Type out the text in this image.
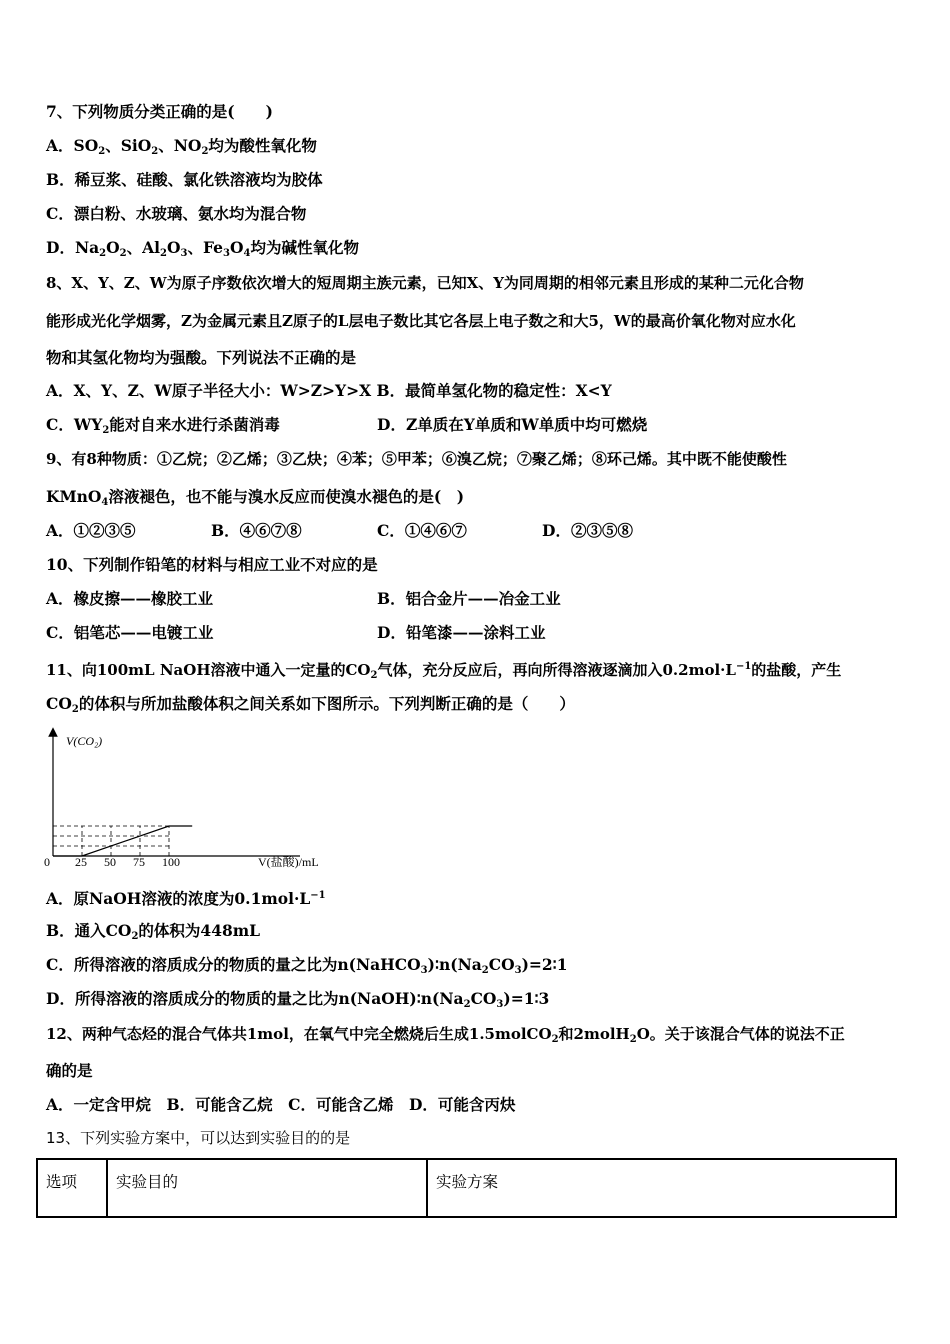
7、下列物质分类正确的是(　　)
A．$SO_2$、SiO$_2$、$NO_2$均为酸性氧化物
B．稀豆浆、硅酸、氯化铁溶液均为胶体
C．漂白粉、水玻璃、氨水均为混合物
D．$Na_2O_2$、$Al_2O_3$、$Fe_3O_4$均为碱性氧化物
8、X、Y、Z、W为原子序数依次增大的短周期主族元素，已知X、Y为同周期的相邻元素且形成的某种二元化合物
能形成光化学烟雾，Z为金属元素且Z原子的L层电子数比其它各层上电子数之和大5，W的最高价氧化物对应水化
物和其氢化物均为强酸。下列说法不正确的是
A．X、Y、Z、W原子半径大小：W>Z>Y>X B．最简单氢化物的稳定性：X<Y
C．$WY_2$能对自来水进行杀菌消毒	D．Z单质在Y单质和W单质中均可燃烧
9、有8种物质：①乙烷；②乙烯；③乙炔；④苯；⑤甲苯；⑥溴乙烷；⑦聚乙烯；⑧环己烯。其中既不能使酸性
KMnO$_4$溶液褪色，也不能与溴水反应而使溴水褪色的是(　)
A．①②③⑤	B．④⑥⑦⑧	C．①④⑥⑦	D．②③⑤⑧
10、下列制作铅笔的材料与相应工业不对应的是
A．橡皮擦——橡胶工业	B．铝合金片——冶金工业
C．铝笔芯——电镀工业	D．铅笔漆——涂料工业
11、向100mL NaOH溶液中通入一定量的$CO_2$气体，充分反应后，再向所得溶液逐滴加入$0.2mol\cdot L^{-1}$的盐酸，产生
$CO_2$的体积与所加盐酸体积之间关系如下图所示。下列判断正确的是（　　）
V(CO₂)
0 25 50 75 100	V(盐酸)/mL
A．原NaOH溶液的浓度为$0.1mol\cdot L^{-1}$
B．通入$CO_2$的体积为448mL
C．所得溶液的溶质成分的物质的量之比为$n(NaHCO_3)∶n(Na_2CO_3)=2∶1$
D．所得溶液的溶质成分的物质的量之比为$n(NaOH)∶n(Na_2CO_3)=1∶3$
12、两种气态烃的混合气体共1mol，在氧气中完全燃烧后生成1.5molCO$_2$和2molH$_2$O。关于该混合气体的说法不正
确的是
A．一定含甲烷　B．可能含乙烷　C．可能含乙烯　D．可能含丙炔
13、下列实验方案中，可以达到实验目的的是
选项	实验目的	实验方案
